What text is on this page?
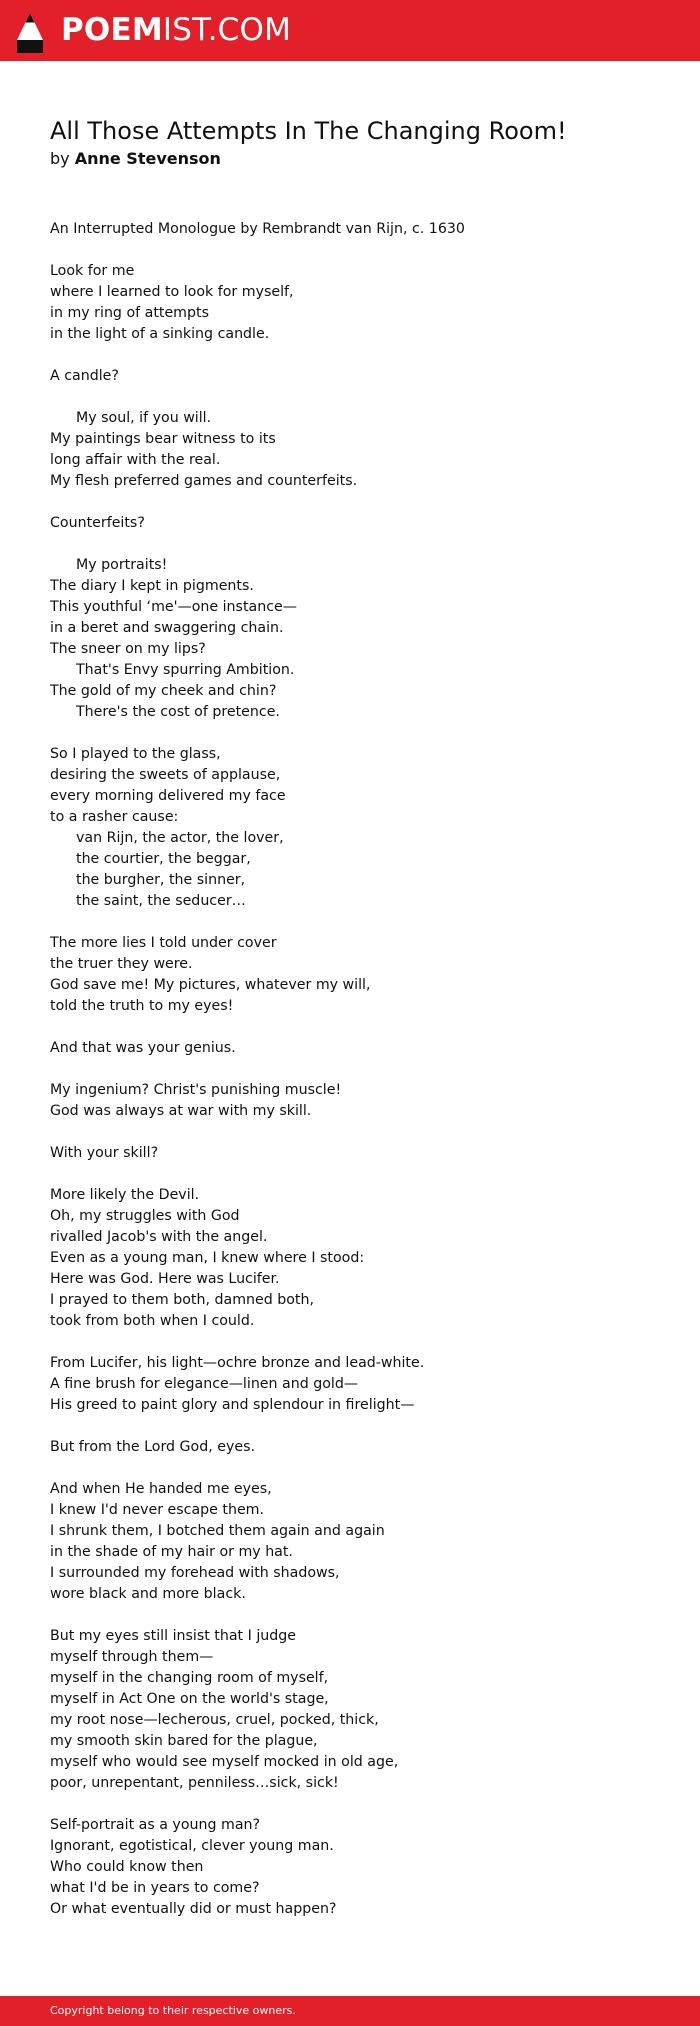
POEMIST.COM
All Those Attempts In The Changing Room!
by Anne Stevenson
An Interrupted Monologue by Rembrandt van Rijn, c. 1630
Look for me
where I learned to look for myself,
in my ring of attempts
in the light of a sinking candle.
A candle?
My soul, if you will.
My paintings bear witness to its
long affair with the real.
My flesh preferred games and counterfeits.
Counterfeits?
My portraits!
The diary I kept in pigments.
This youthful ‘me'—one instance—
in a beret and swaggering chain.
The sneer on my lips?
That's Envy spurring Ambition.
The gold of my cheek and chin?
There's the cost of pretence.
So I played to the glass,
desiring the sweets of applause,
every morning delivered my face
to a rasher cause:
van Rijn, the actor, the lover,
the courtier, the beggar,
the burgher, the sinner,
the saint, the seducer…
The more lies I told under cover
the truer they were.
God save me! My pictures, whatever my will,
told the truth to my eyes!
And that was your genius.
My ingenium? Christ's punishing muscle!
God was always at war with my skill.
With your skill?
More likely the Devil.
Oh, my struggles with God
rivalled Jacob's with the angel.
Even as a young man, I knew where I stood:
Here was God. Here was Lucifer.
I prayed to them both, damned both,
took from both when I could.
From Lucifer, his light—ochre bronze and lead-white.
A fine brush for elegance—linen and gold—
His greed to paint glory and splendour in firelight—
But from the Lord God, eyes.
And when He handed me eyes,
I knew I'd never escape them.
I shrunk them, I botched them again and again
in the shade of my hair or my hat.
I surrounded my forehead with shadows,
wore black and more black.
But my eyes still insist that I judge
myself through them—
myself in the changing room of myself,
myself in Act One on the world's stage,
my root nose—lecherous, cruel, pocked, thick,
my smooth skin bared for the plague,
myself who would see myself mocked in old age,
poor, unrepentant, penniless…sick, sick!
Self-portrait as a young man?
Ignorant, egotistical, clever young man.
Who could know then
what I'd be in years to come?
Or what eventually did or must happen?
Copyright belong to their respective owners.
